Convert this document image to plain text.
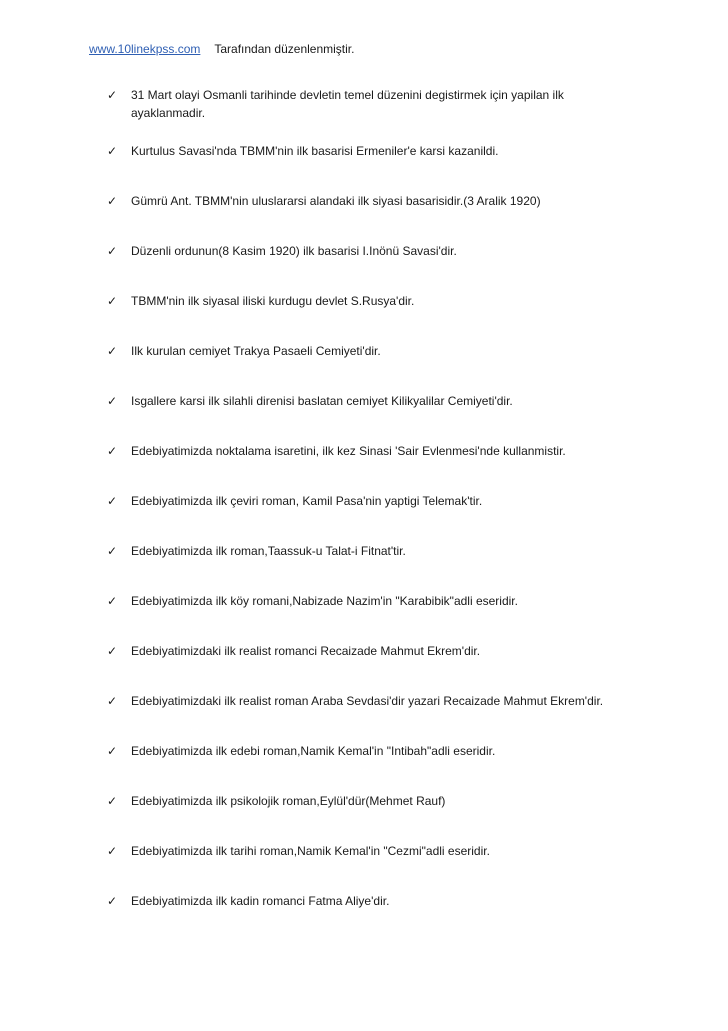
www.10linekpss.com Tarafından düzenlenmiştir.
✓ 31 Mart olayi Osmanli tarihinde devletin temel düzenini degistirmek için yapilan ilk ayaklanmadir.
✓ Kurtulus Savasi'nda TBMM'nin ilk basarisi Ermeniler'e karsi kazanildi.
✓ Gümrü Ant. TBMM'nin uluslararsi alandaki ilk siyasi basarisidir.(3 Aralik 1920)
✓ Düzenli ordunun(8 Kasim 1920) ilk basarisi I.Inönü Savasi'dir.
✓ TBMM'nin ilk siyasal iliski kurdugu devlet S.Rusya'dir.
✓ Ilk kurulan cemiyet Trakya Pasaeli Cemiyeti'dir.
✓ Isgallere karsi ilk silahli direnisi baslatan cemiyet Kilikyalilar Cemiyeti'dir.
✓ Edebiyatimizda noktalama isaretini, ilk kez Sinasi 'Sair Evlenmesi'nde kullanmistir.
✓ Edebiyatimizda ilk çeviri roman, Kamil Pasa'nin yaptigi Telemak'tir.
✓ Edebiyatimizda ilk roman,Taassuk-u Talat-i Fitnat'tir.
✓ Edebiyatimizda ilk köy romani,Nabizade Nazim'in "Karabibik"adli eseridir.
✓ Edebiyatimizdaki ilk realist romanci Recaizade Mahmut Ekrem'dir.
✓ Edebiyatimizdaki ilk realist roman Araba Sevdasi'dir yazari Recaizade Mahmut Ekrem'dir.
✓ Edebiyatimizda ilk edebi roman,Namik Kemal'in "Intibah"adli eseridir.
✓ Edebiyatimizda ilk psikolojik roman,Eylül'dür(Mehmet Rauf)
✓ Edebiyatimizda ilk tarihi roman,Namik Kemal'in "Cezmi"adli eseridir.
✓ Edebiyatimizda ilk kadin romanci Fatma Aliye'dir.
